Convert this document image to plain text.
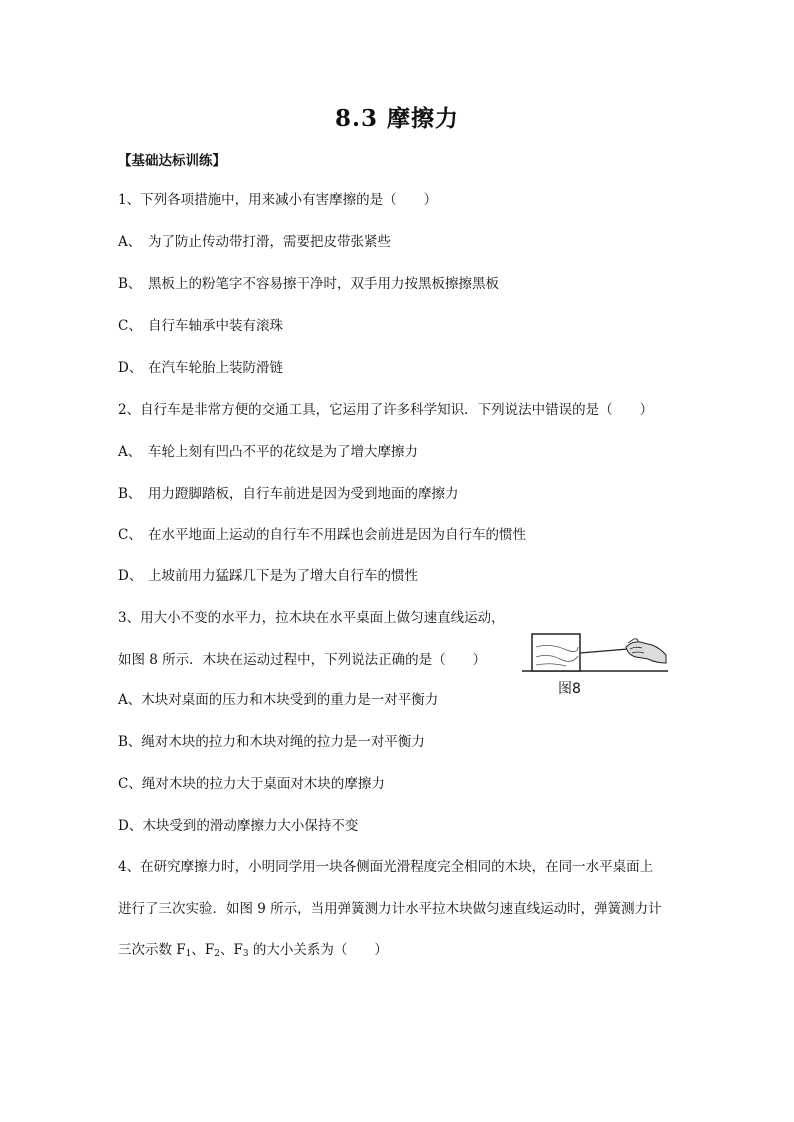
8.3 摩擦力
【基础达标训练】
1、下列各项措施中，用来减小有害摩擦的是（　　）
A、 为了防止传动带打滑，需要把皮带张紧些
B、 黑板上的粉笔字不容易擦干净时，双手用力按黑板擦擦黑板
C、 自行车轴承中装有滚珠
D、 在汽车轮胎上装防滑链
2、自行车是非常方便的交通工具，它运用了许多科学知识．下列说法中错误的是（　　）
A、 车轮上刻有凹凸不平的花纹是为了增大摩擦力
B、 用力蹬脚踏板，自行车前进是因为受到地面的摩擦力
C、 在水平地面上运动的自行车不用踩也会前进是因为自行车的惯性
D、 上坡前用力猛踩几下是为了增大自行车的惯性
3、用大小不变的水平力，拉木块在水平桌面上做匀速直线运动，
如图 8 所示．木块在运动过程中，下列说法正确的是（　　）
图8
A、木块对桌面的压力和木块受到的重力是一对平衡力
B、绳对木块的拉力和木块对绳的拉力是一对平衡力
C、绳对木块的拉力大于桌面对木块的摩擦力
D、木块受到的滑动摩擦力大小保持不变
4、在研究摩擦力时，小明同学用一块各侧面光滑程度完全相同的木块，在同一水平桌面上
进行了三次实验．如图 9 所示，当用弹簧测力计水平拉木块做匀速直线运动时，弹簧测力计
三次示数 $F_1$、$F_2$、$F_3$ 的大小关系为（　　）
